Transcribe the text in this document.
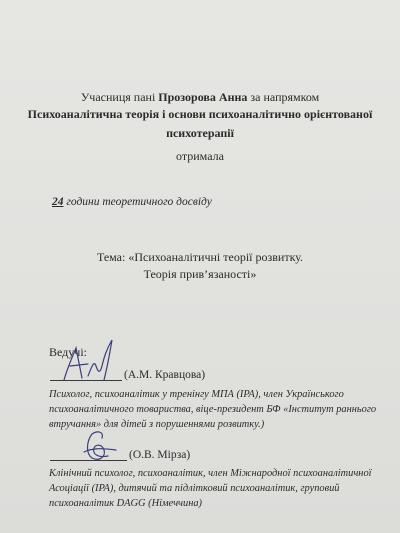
Учасниця пані Прозорова Анна за напрямком
Психоаналітична теорія і основи психоаналітично орієнтованої
психотерапії
отримала
24 години теоретичного досвіду
Тема: «Психоаналітичні теорії розвитку.
Теорія прив’язаності»
Ведучі:
(А.М. Кравцова)
Психолог, психоаналітик у тренінгу МПА (IPA), член Українського психоаналітичного товариства, віце-президент БФ «Інститут раннього втручання» для дітей з порушеннями розвитку.)
(О.В. Мірза)
Клінічний психолог, психоаналітик, член Міжнародної психоаналітичної Асоціації (IPA), дитячий та підлітковий психоаналітик, груповий психоаналітик DAGG (Німеччина)
